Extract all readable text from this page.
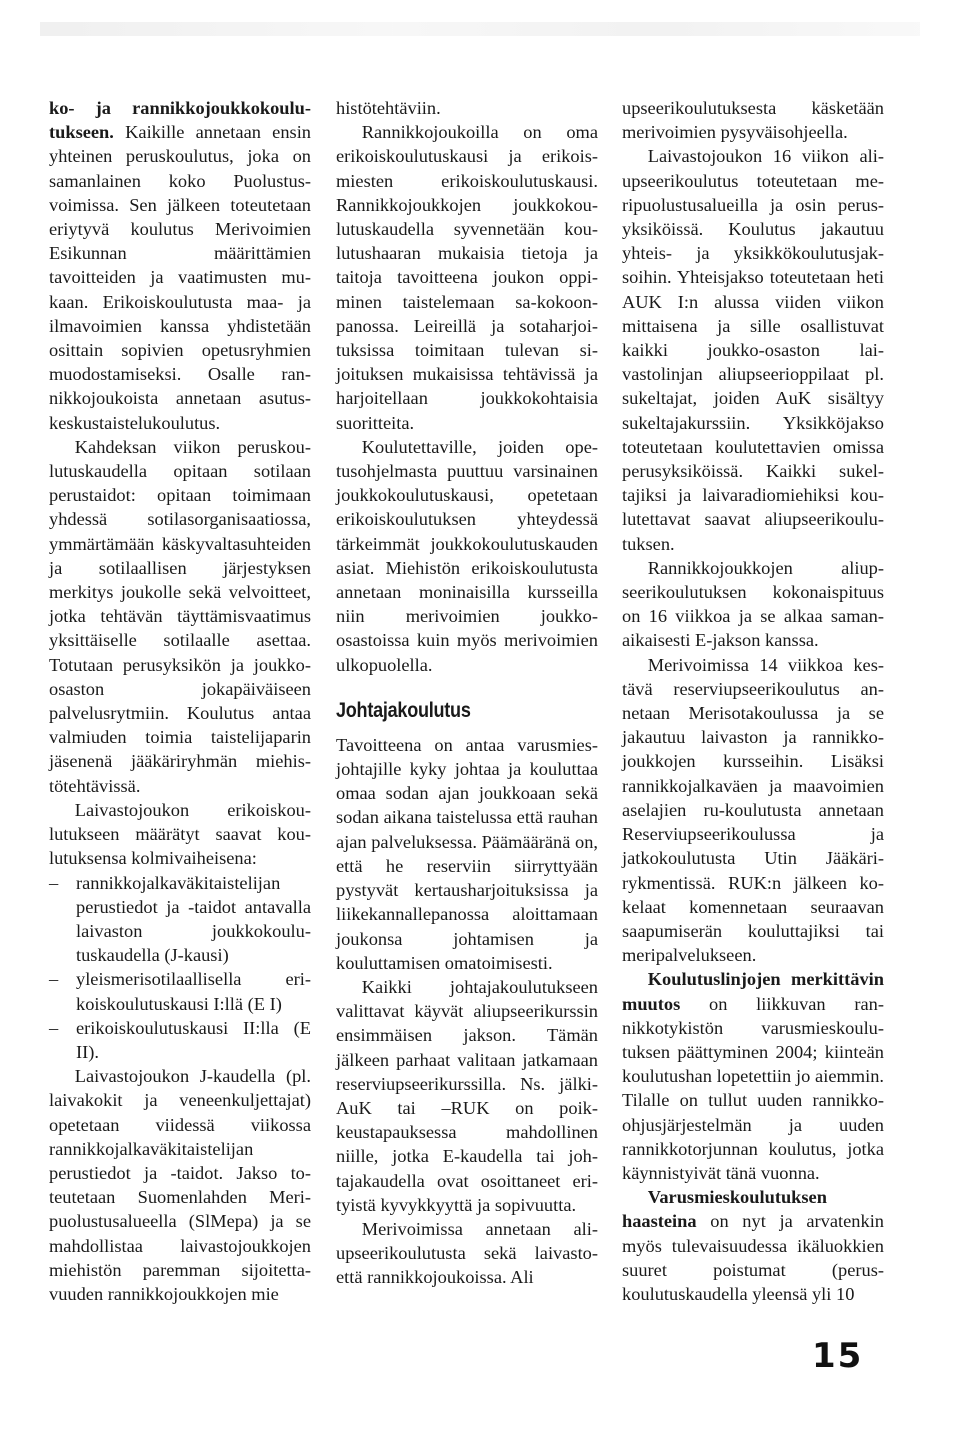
ko- ja rannikkojoukkokoulutukseen. Kaikille annetaan ensin yhteinen peruskoulutus, joka on samanlainen koko Puolustusvoimissa. Sen jälkeen toteutetaan eriytyvä koulutus Merivoimien Esikunnan määrittämien tavoitteiden ja vaatimusten mukaan. Erikoiskoulutusta maa- ja ilmavoimien kanssa yhdistetään osittain sopivien opetusryhmien muodostamiseksi. Osalle rannikkojoukoista annetaan asutuskeskustaistelukoulutus.

Kahdeksan viikon peruskoulutuskaudella opitaan sotilaan perustaidot: opitaan toimimaan yhdessä sotilasorganisaatiossa, ymmärtämään käskyvaltasuhteiden ja sotilaallisen järjestyksen merkitys joukolle sekä velvoitteet, jotka tehtävän täyttämisvaatimus yksittäiselle sotilaalle asettaa. Totutaan perusyksikön ja joukko-osaston jokapäiväiseen palvelusrytmiin. Koulutus antaa valmiuden toimia taistelijaparin jäsenenä jääkäriryhmän miehistötehtävissä.

Laivastojoukon erikoiskoulutukseen määrätyt saavat koulutuksensa kolmivaiheisena:

– rannikkojalkaväkitaistelijan perustiedot ja -taidot antavalla laivaston joukkokoulutuskaudella (J-kausi)
– yleismerisotilaallisella erikoiskoulutuskausi I:llä (E I)
– erikoiskoulutuskausi II:lla (E II).

Laivastojoukon J-kaudella (pl. laivakokit ja veneenkuljettajat) opetetaan viidessä viikossa rannikkojalkaväkitaistelijan perustiedot ja -taidot. Jakso toteutetaan Suomenlahden Meripuolustusalueella (SlMepa) ja se mahdollistaa laivastojoukkojen miehistön paremman sijoitettavuuden rannikkojoukkojen mie

histötehtäviin.

Rannikkojoukoilla on oma erikoiskoulutuskausi ja erikoismiesten erikoiskoulutuskausi. Rannikkojoukkojen joukkokoulutuskaudella syvennetään koulutushaaran mukaisia tietoja ja taitoja tavoitteena joukon oppiminen taistelemaan sa-kokoonpanossa. Leireillä ja sotaharjoituksissa toimitaan tulevan sijoituksen mukaisissa tehtävissä ja harjoitellaan joukkokohtaisia suoritteita.

Koulutettaville, joiden opetusohjelmasta puuttuu varsinainen joukkokoulutuskausi, opetetaan erikoiskoulutuksen yhteydessä tärkeimmät joukkokoulutuskauden asiat. Miehistön erikoiskoulutusta annetaan moninaisilla kursseilla niin merivoimien joukko-osastoissa kuin myös merivoimien ulkopuolella.

Johtajakoulutus

Tavoitteena on antaa varusmiesjohtajille kyky johtaa ja kouluttaa omaa sodan ajan joukkoaan sekä sodan aikana taistelussa että rauhan ajan palveluksessa. Päämääränä on, että he reserviin siirryttyään pystyvät kertausharjoituksissa ja liikekannallepanossa aloittamaan joukonsa johtamisen ja kouluttamisen omatoimisesti.

Kaikki johtajakoulutukseen valittavat käyvät aliupseerikurssin ensimmäisen jakson. Tämän jälkeen parhaat valitaan jatkamaan reserviupseerikurssilla. Ns. jälki-AuK tai –RUK on poikkeustapauksessa mahdollinen niille, jotka E-kaudella tai johtajakaudella ovat osoittaneet erityistä kyvykkyyttä ja sopivuutta.

Merivoimissa annetaan aliupseerikoulutusta sekä laivasto- että rannikkojoukoissa. Ali

upseerikoulutuksesta käsketään merivoimien pysyväisohjeella.

Laivastojoukon 16 viikon aliupseerikoulutus toteutetaan meripuolustusalueilla ja osin perusyksiköissä. Koulutus jakautuu yhteis- ja yksikkökoulutusjaksoihin. Yhteisjakso toteutetaan heti AUK I:n alussa viiden viikon mittaisena ja sille osallistuvat kaikki joukko-osaston laivastolinjan aliupseerioppilaat pl. sukeltajat, joiden AuK sisältyy sukeltajakurssiin. Yksikköjakso toteutetaan koulutettavien omissa perusyksiköissä. Kaikki sukeltajiksi ja laivaradiomiehiksi koulutettavat saavat aliupseerikoulutuksen.

Rannikkojoukkojen aliupseerikoulutuksen kokonaispituus on 16 viikkoa ja se alkaa samanaikaisesti E-jakson kanssa.

Merivoimissa 14 viikkoa kestävä reserviupseerikoulutus annetaan Merisotakoulussa ja se jakautuu laivaston ja rannikkojoukkojen kursseihin. Lisäksi rannikkojalkaväen ja maavoimien aselajien ru-koulutusta annetaan Reserviupseerikoulussa ja jatkokoulutusta Utin Jääkärirykmentissä. RUK:n jälkeen kokelaat komennetaan seuraavan saapumiserän kouluttajiksi tai meripalvelukseen.

Koulutuslinjojen merkittävin muutos on liikkuvan rannikkotykistön varusmieskoulutuksen päättyminen 2004; kiinteän koulutushan lopetettiin jo aiemmin. Tilalle on tullut uuden rannikko-ohjusjärjestelmän ja uuden rannikkotorjunnan koulutus, jotka käynnistyivät tänä vuonna.

Varusmieskoulutuksen haasteina on nyt ja arvatenkin myös tulevaisuudessa ikäluokkien suuret poistumat (peruskoulutuskaudella yleensä yli 10

15
